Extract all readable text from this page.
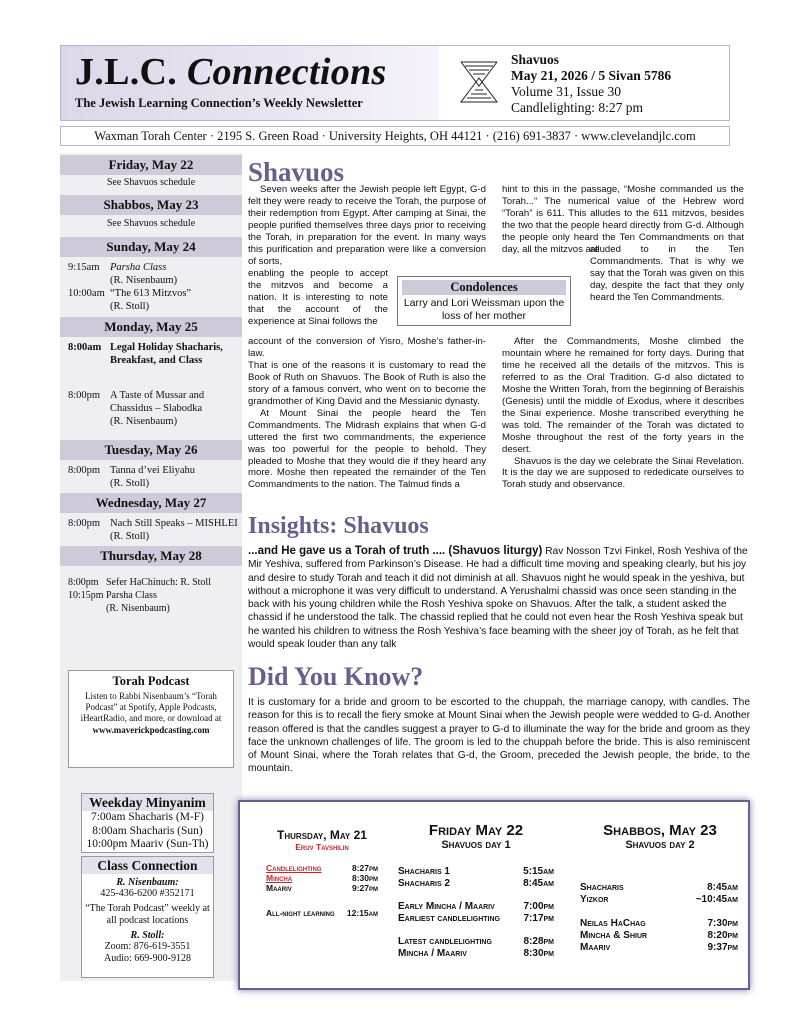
J.L.C. Connections
The Jewish Learning Connection’s Weekly Newsletter
Shavuos
May 21, 2026 / 5 Sivan 5786
Volume 31, Issue 30
Candlelighting: 8:27 pm
Waxman Torah Center · 2195 S. Green Road · University Heights, OH 44121 · (216) 691-3837 · www.clevelandjlc.com
Friday, May 22
See Shavuos schedule
Shabbos, May 23
See Shavuos schedule
Sunday, May 24
9:15am Parsha Class
(R. Nisenbaum)
10:00am “The 613 Mitzvos”
(R. Stoll)
Monday, May 25
8:00am Legal Holiday Shacharis, Breakfast, and Class
8:00pm A Taste of Mussar and Chassidus – Slabodka
(R. Nisenbaum)
Tuesday, May 26
8:00pm Tanna d’vei Eliyahu
(R. Stoll)
Wednesday, May 27
8:00pm Nach Still Speaks – MISHLEI (R. Stoll)
Thursday, May 28
8:00pm Sefer HaChinuch: R. Stoll
10:15pm Parsha Class
(R. Nisenbaum)
Torah Podcast
Listen to Rabbi Nisenbaum’s “Torah Podcast” at Spotify, Apple Podcasts, iHeartRadio, and more, or download at
www.maverickpodcasting.com
Weekday Minyanim
7:00am Shacharis (M-F)
8:00am Shacharis (Sun)
10:00pm Maariv (Sun-Th)
Class Connection
R. Nisenbaum:
425-436-6200 #352171
“The Torah Podcast” weekly at all podcast locations
R. Stoll:
Zoom: 876-619-3551
Audio: 669-900-9128
Shavuos

Seven weeks after the Jewish people left Egypt, G-d felt they were ready to receive the Torah, the purpose of their redemption from Egypt. After camping at Sinai, the people purified themselves three days prior to receiving the Torah, in preparation for the event. In many ways this purification and preparation were like a conversion of sorts,

enabling the people to accept the mitzvos and become a nation. It is interesting to note that the account of the experience at Sinai follows the

account of the conversion of Yisro, Moshe’s father-in-law.

That is one of the reasons it is customary to read the Book of Ruth on Shavuos. The Book of Ruth is also the story of a famous convert, who went on to become the grandmother of King David and the Messianic dynasty.

At Mount Sinai the people heard the Ten Commandments. The Midrash explains that when G-d uttered the first two commandments, the experience was too powerful for the people to behold. They pleaded to Moshe that they would die if they heard any more. Moshe then repeated the remainder of the Ten Commandments to the nation. The Talmud finds a

hint to this in the passage, “Moshe commanded us the Torah...” The numerical value of the Hebrew word “Torah” is 611. This alludes to the 611 mitzvos, besides the two that the people heard directly from G-d. Although the people only heard the Ten Commandments on that day, all the mitzvos are

alluded to in the Ten Commandments. That is why we say that the Torah was given on this day, despite the fact that they only heard the Ten Commandments.

After the Commandments, Moshe climbed the mountain where he remained for forty days. During that time he received all the details of the mitzvos. This is referred to as the Oral Tradition. G-d also dictated to Moshe the Written Torah, from the beginning of Beraishis (Genesis) until the middle of Exodus, where it describes the Sinai experience. Moshe transcribed everything he was told. The remainder of the Torah was dictated to Moshe throughout the rest of the forty years in the desert.

Shavuos is the day we celebrate the Sinai Revelation. It is the day we are supposed to rededicate ourselves to Torah study and observance.

Condolences
Larry and Lori Weissman upon the loss of her mother
Insights: Shavuos
...and He gave us a Torah of truth .... (Shavuos liturgy) Rav Nosson Tzvi Finkel, Rosh Yeshiva of the Mir Yeshiva, suffered from Parkinson’s Disease. He had a difficult time moving and speaking clearly, but his joy and desire to study Torah and teach it did not diminish at all. Shavuos night he would speak in the yeshiva, but without a microphone it was very difficult to understand. A Yerushalmi chassid was once seen standing in the back with his young children while the Rosh Yeshiva spoke on Shavuos. After the talk, a student asked the chassid if he understood the talk. The chassid replied that he could not even hear the Rosh Yeshiva speak but he wanted his children to witness the Rosh Yeshiva’s face beaming with the sheer joy of Torah, as he felt that would speak louder than any talk
Did You Know?
It is customary for a bride and groom to be escorted to the chuppah, the marriage canopy, with candles. The reason for this is to recall the fiery smoke at Mount Sinai when the Jewish people were wedded to G-d. Another reason offered is that the candles suggest a prayer to G-d to illuminate the way for the bride and groom as they face the unknown challenges of life. The groom is led to the chuppah before the bride. This is also reminiscent of Mount Sinai, where the Torah relates that G-d, the Groom, preceded the Jewish people, the bride, to the mountain.
Thursday, May 21
Eruv Tavshilin
Candlelighting	8:27pm
Mincha	8:30pm
Maariv	9:27pm
All-night learning 12:15am
Friday May 22
Shavuos day 1
Shacharis 1	5:15am
Shacharis 2	8:45am
Early Mincha / Maariv	7:00pm
Earliest candlelighting 7:17pm
Latest candlelighting	8:28pm
Mincha / Maariv	8:30pm
Shabbos, May 23
Shavuos day 2
Shacharis	8:45am
Yizkor	~10:45am
Neilas HaChag	7:30pm
Mincha & Shiur	8:20pm
Maariv	9:37pm
